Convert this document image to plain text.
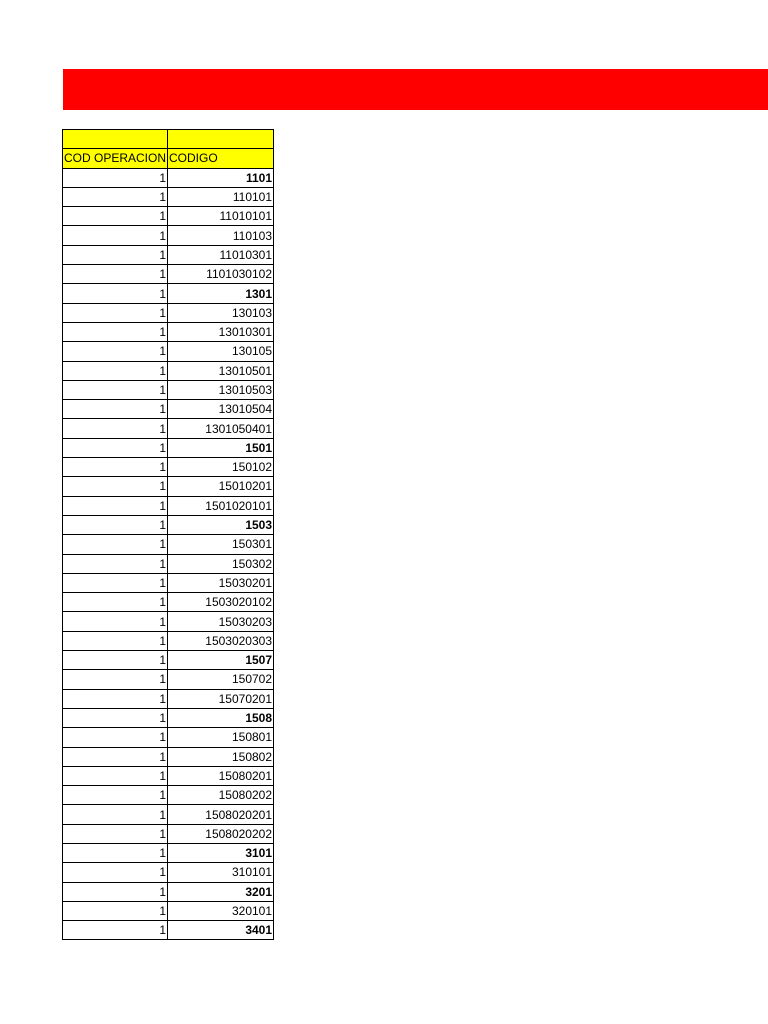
COD OPERACION	CODIGO
1	1101
1	110101
1	11010101
1	110103
1	11010301
1	1101030102
1	1301
1	130103
1	13010301
1	130105
1	13010501
1	13010503
1	13010504
1	1301050401
1	1501
1	150102
1	15010201
1	1501020101
1	1503
1	150301
1	150302
1	15030201
1	1503020102
1	15030203
1	1503020303
1	1507
1	150702
1	15070201
1	1508
1	150801
1	150802
1	15080201
1	15080202
1	1508020201
1	1508020202
1	3101
1	310101
1	3201
1	320101
1	3401
